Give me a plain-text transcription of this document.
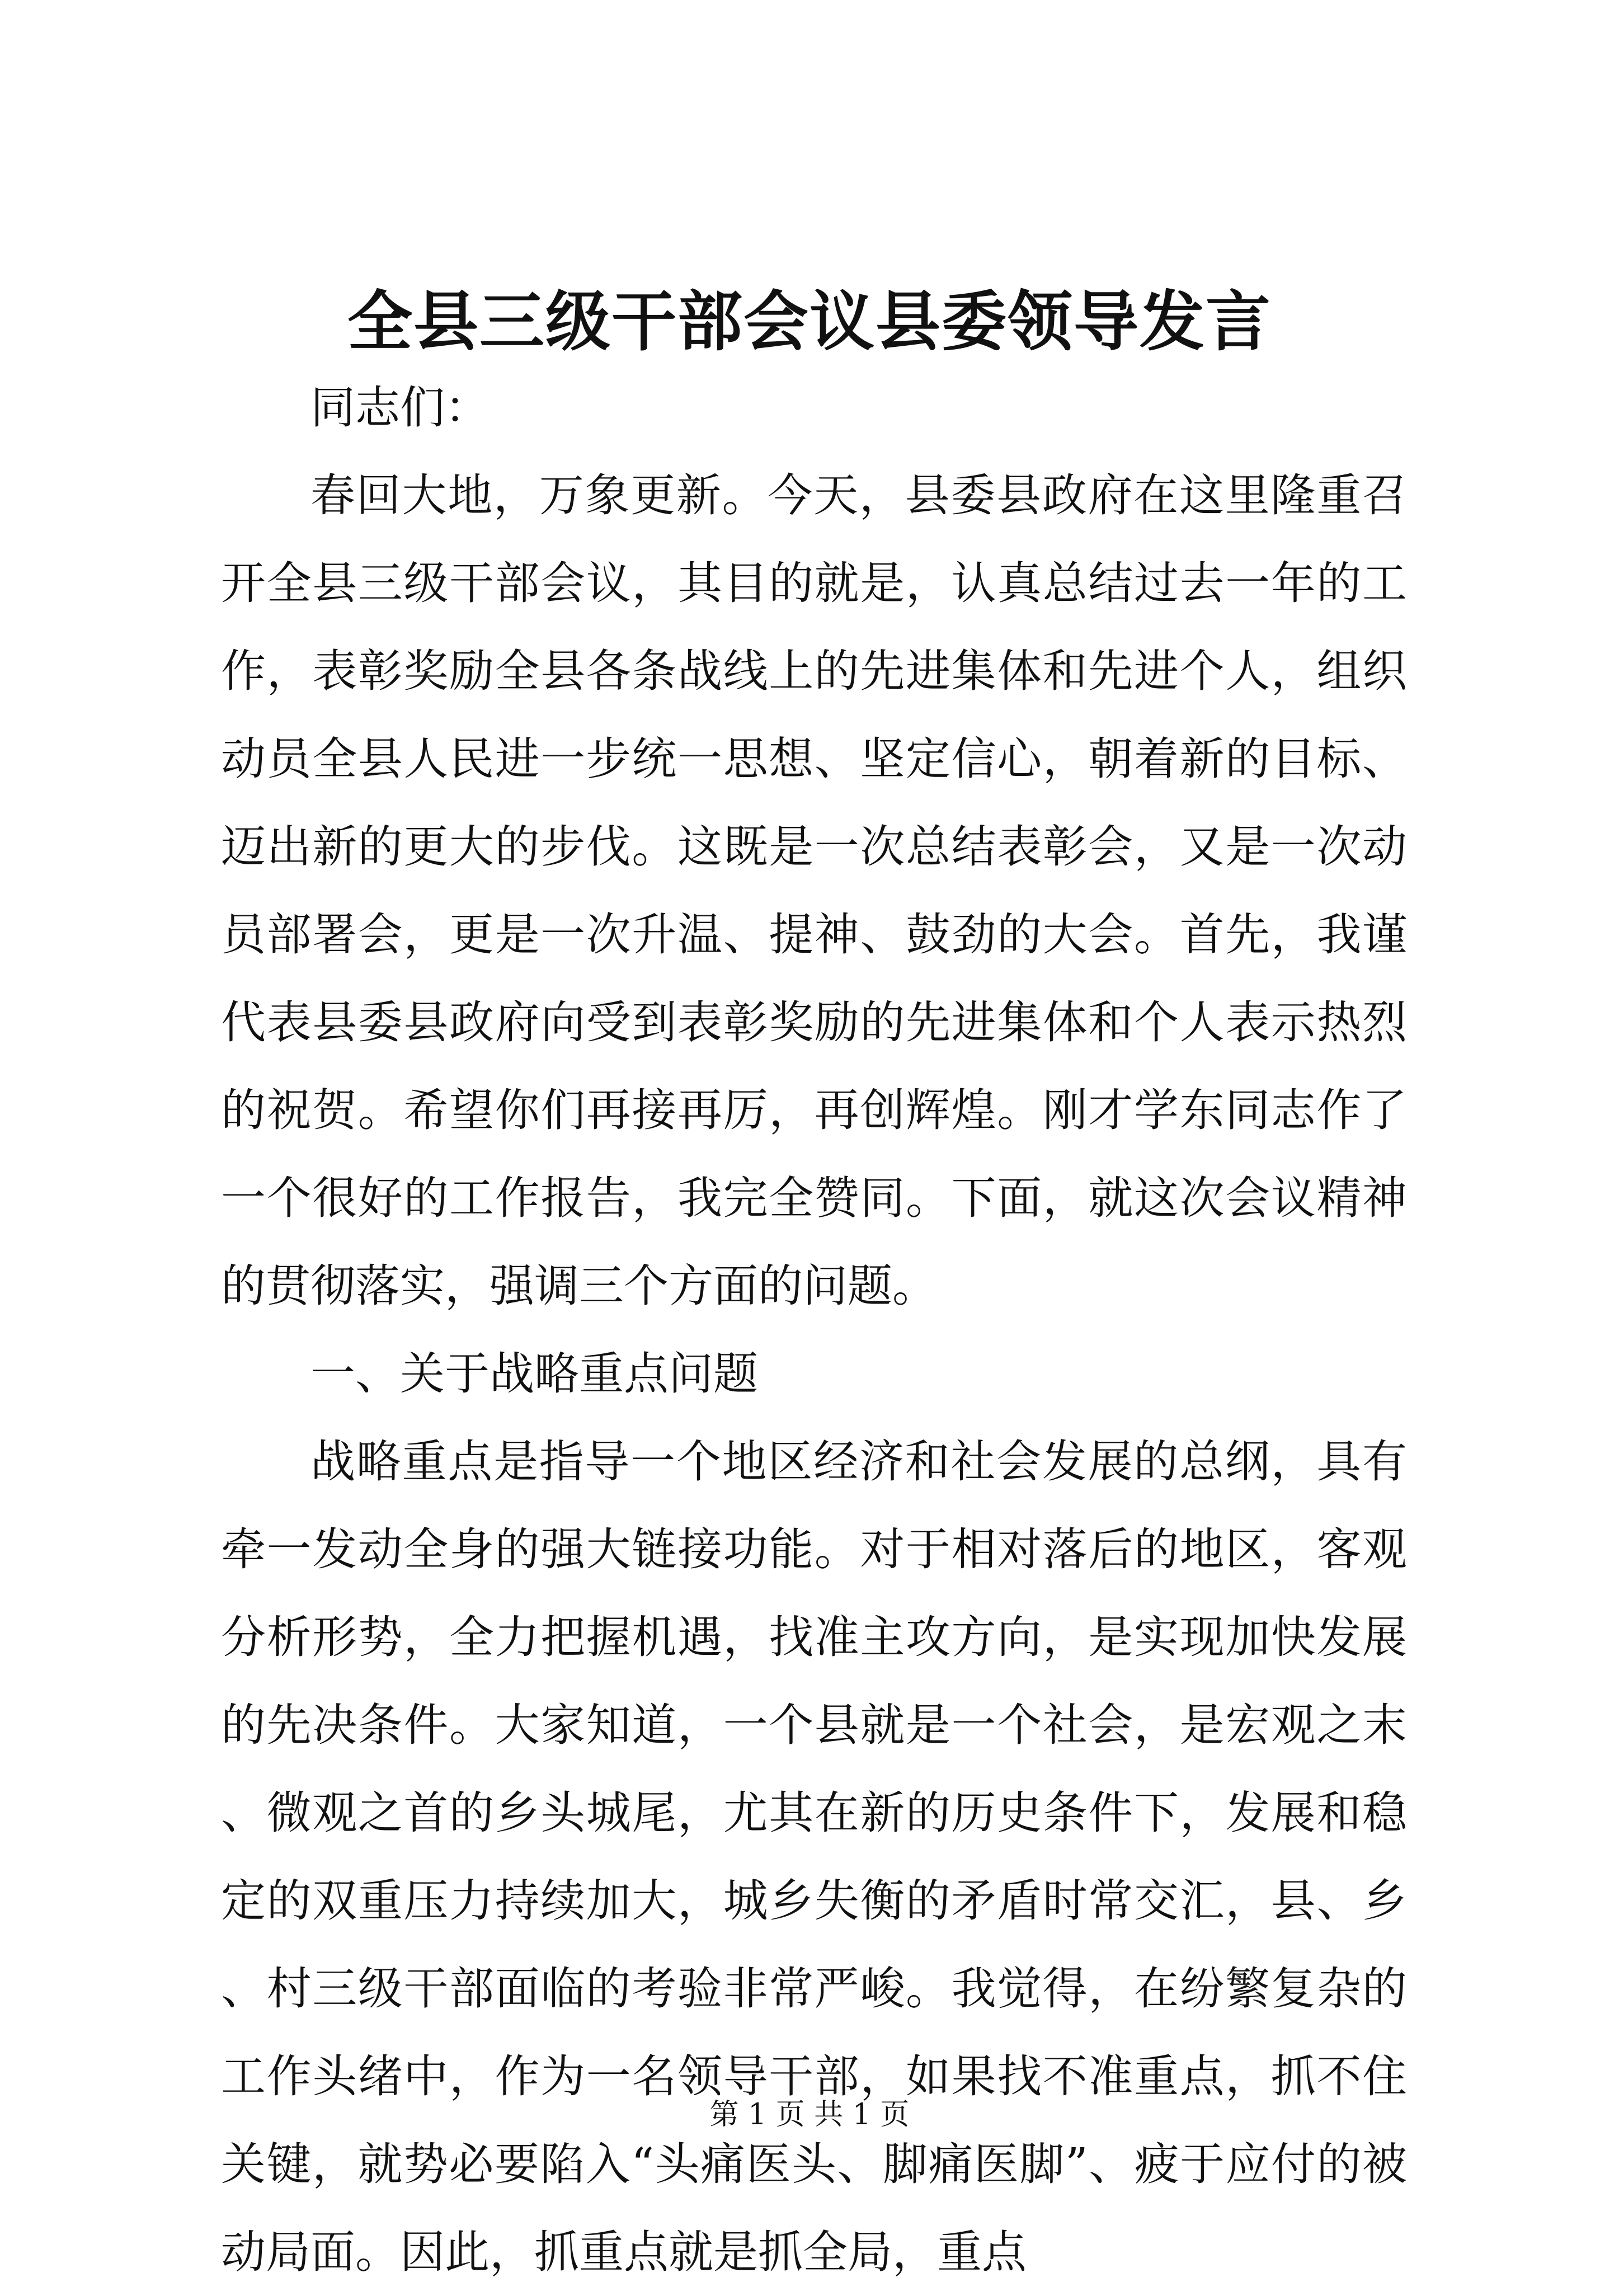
全县三级干部会议县委领导发言

同志们：

春回大地，万象更新。今天，县委县政府在这里隆重召开全县三级干部会议，其目的就是，认真总结过去一年的工作，表彰奖励全县各条战线上的先进集体和先进个人，组织动员全县人民进一步统一思想、坚定信心，朝着新的目标、迈出新的更大的步伐。这既是一次总结表彰会，又是一次动员部署会，更是一次升温、提神、鼓劲的大会。首先，我谨代表县委县政府向受到表彰奖励的先进集体和个人表示热烈的祝贺。希望你们再接再厉，再创辉煌。刚才学东同志作了一个很好的工作报告，我完全赞同。下面，就这次会议精神的贯彻落实，强调三个方面的问题。

一、关于战略重点问题

战略重点是指导一个地区经济和社会发展的总纲，具有牵一发动全身的强大链接功能。对于相对落后的地区，客观分析形势，全力把握机遇，找准主攻方向，是实现加快发展的先决条件。大家知道，一个县就是一个社会，是宏观之末、微观之首的乡头城尾，尤其在新的历史条件下，发展和稳定的双重压力持续加大，城乡失衡的矛盾时常交汇，县、乡、村三级干部面临的考验非常严峻。我觉得，在纷繁复杂的工作头绪中，作为一名领导干部，如果找不准重点，抓不住关键，就势必要陷入“头痛医头、脚痛医脚”、疲于应付的被动局面。因此，抓重点就是抓全局，重点

第 1 页 共 1 页
